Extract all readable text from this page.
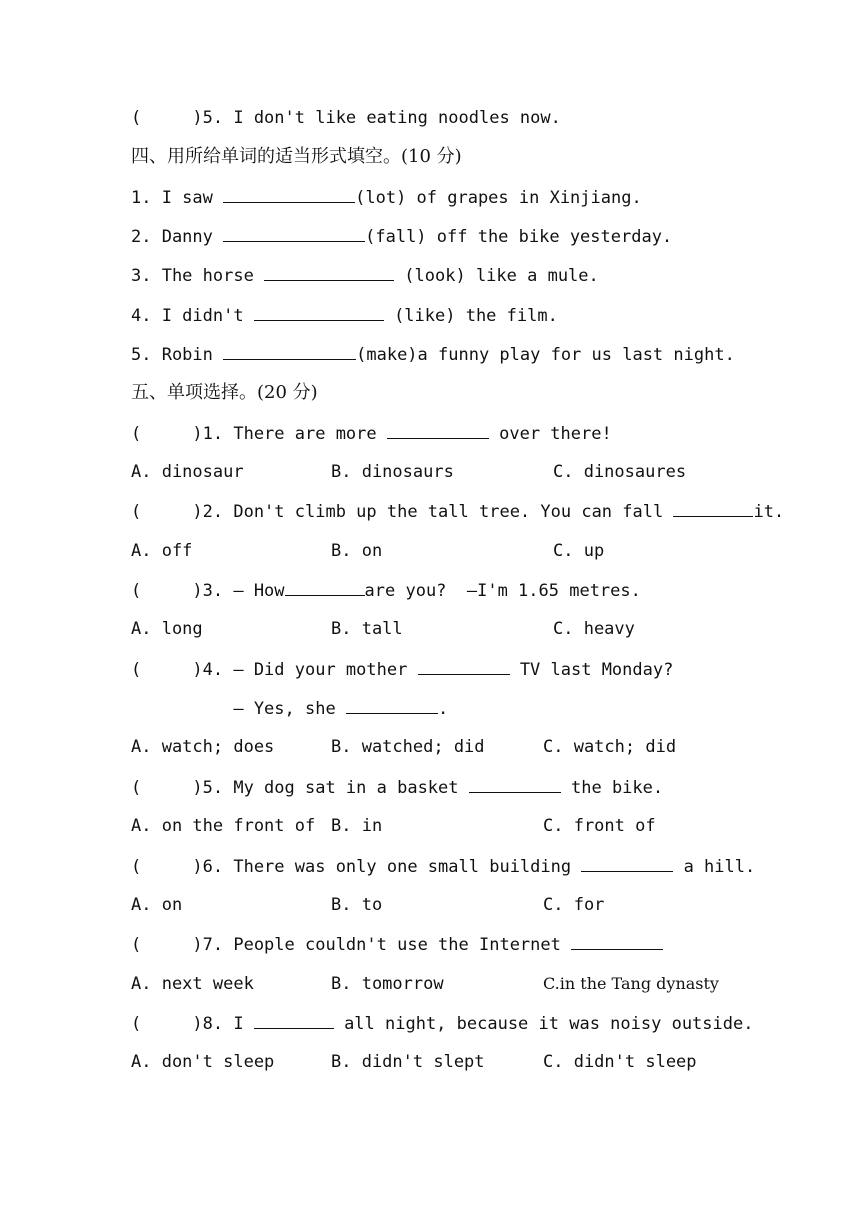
(     )5. I don't like eating noodles now.
四、用所给单词的适当形式填空。(10 分)
1. I saw	(lot) of grapes in Xinjiang.
2. Danny	(fall) off the bike yesterday.
3. The horse	(look) like a mule.
4. I didn't	(like) the film.
5. Robin	(make)a funny play for us last night.
五、单项选择。(20 分)
(     )1. There are more	over there!

A. dinosaur

	B. dinosaurs

	C. dinosaures

(     )2. Don't climb up the tall tree. You can fall	it.

A. off

	B. on

	C. up

(     )3. — How	are you?  —I'm 1.65 metres.

A. long

	B. tall

	C. heavy

(     )4. — Did your mother	TV last Monday?
— Yes, she	.

A. watch; does

	B. watched; did

	C. watch; did

(     )5. My dog sat in a basket	the bike.

A. on the front of

B. in

	C. front of

(     )6. There was only one small building	a hill.

A. on

	B. to

	C. for

(     )7. People couldn't use the Internet

A. next week

	B. tomorrow

	C.in the Tang dynasty

(     )8. I	all night, because it was noisy outside.

A. don't sleep

	B. didn't slept

	C. didn't sleep
